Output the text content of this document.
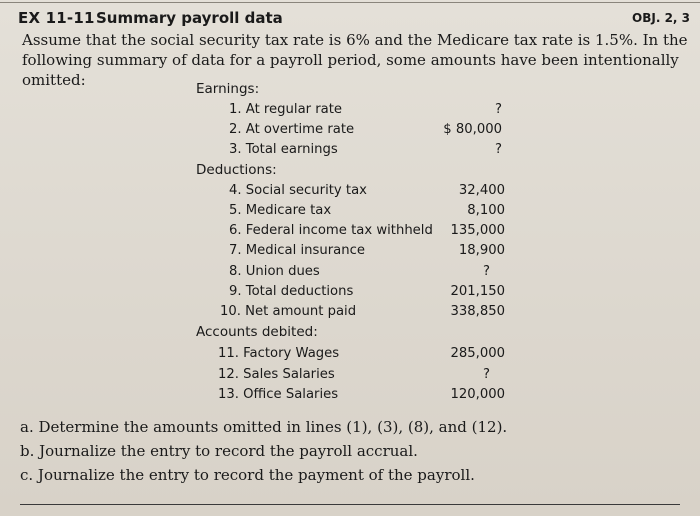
EX 11-11 Summary payroll data	OBJ. 2, 3
Assume that the social security tax rate is 6% and the Medicare tax rate is 1.5%. In the following summary of data for a payroll period, some amounts have been intentionally omitted:	Earnings:
Deductions:
Accounts debited:
1. At regular rate	?
2. At overtime rate	$ 80,000
3. Total earnings	?
4. Social security tax	32,400
5. Medicare tax	8,100
6. Federal income tax withheld	135,000
7. Medical insurance	18,900
8. Union dues	?
9. Total deductions	201,150
10. Net amount paid	338,850
11. Factory Wages	285,000
12. Sales Salaries	?
13. Office Salaries	120,000
a. Determine the amounts omitted in lines (1), (3), (8), and (12).
b. Journalize the entry to record the payroll accrual.
c. Journalize the entry to record the payment of the payroll.
